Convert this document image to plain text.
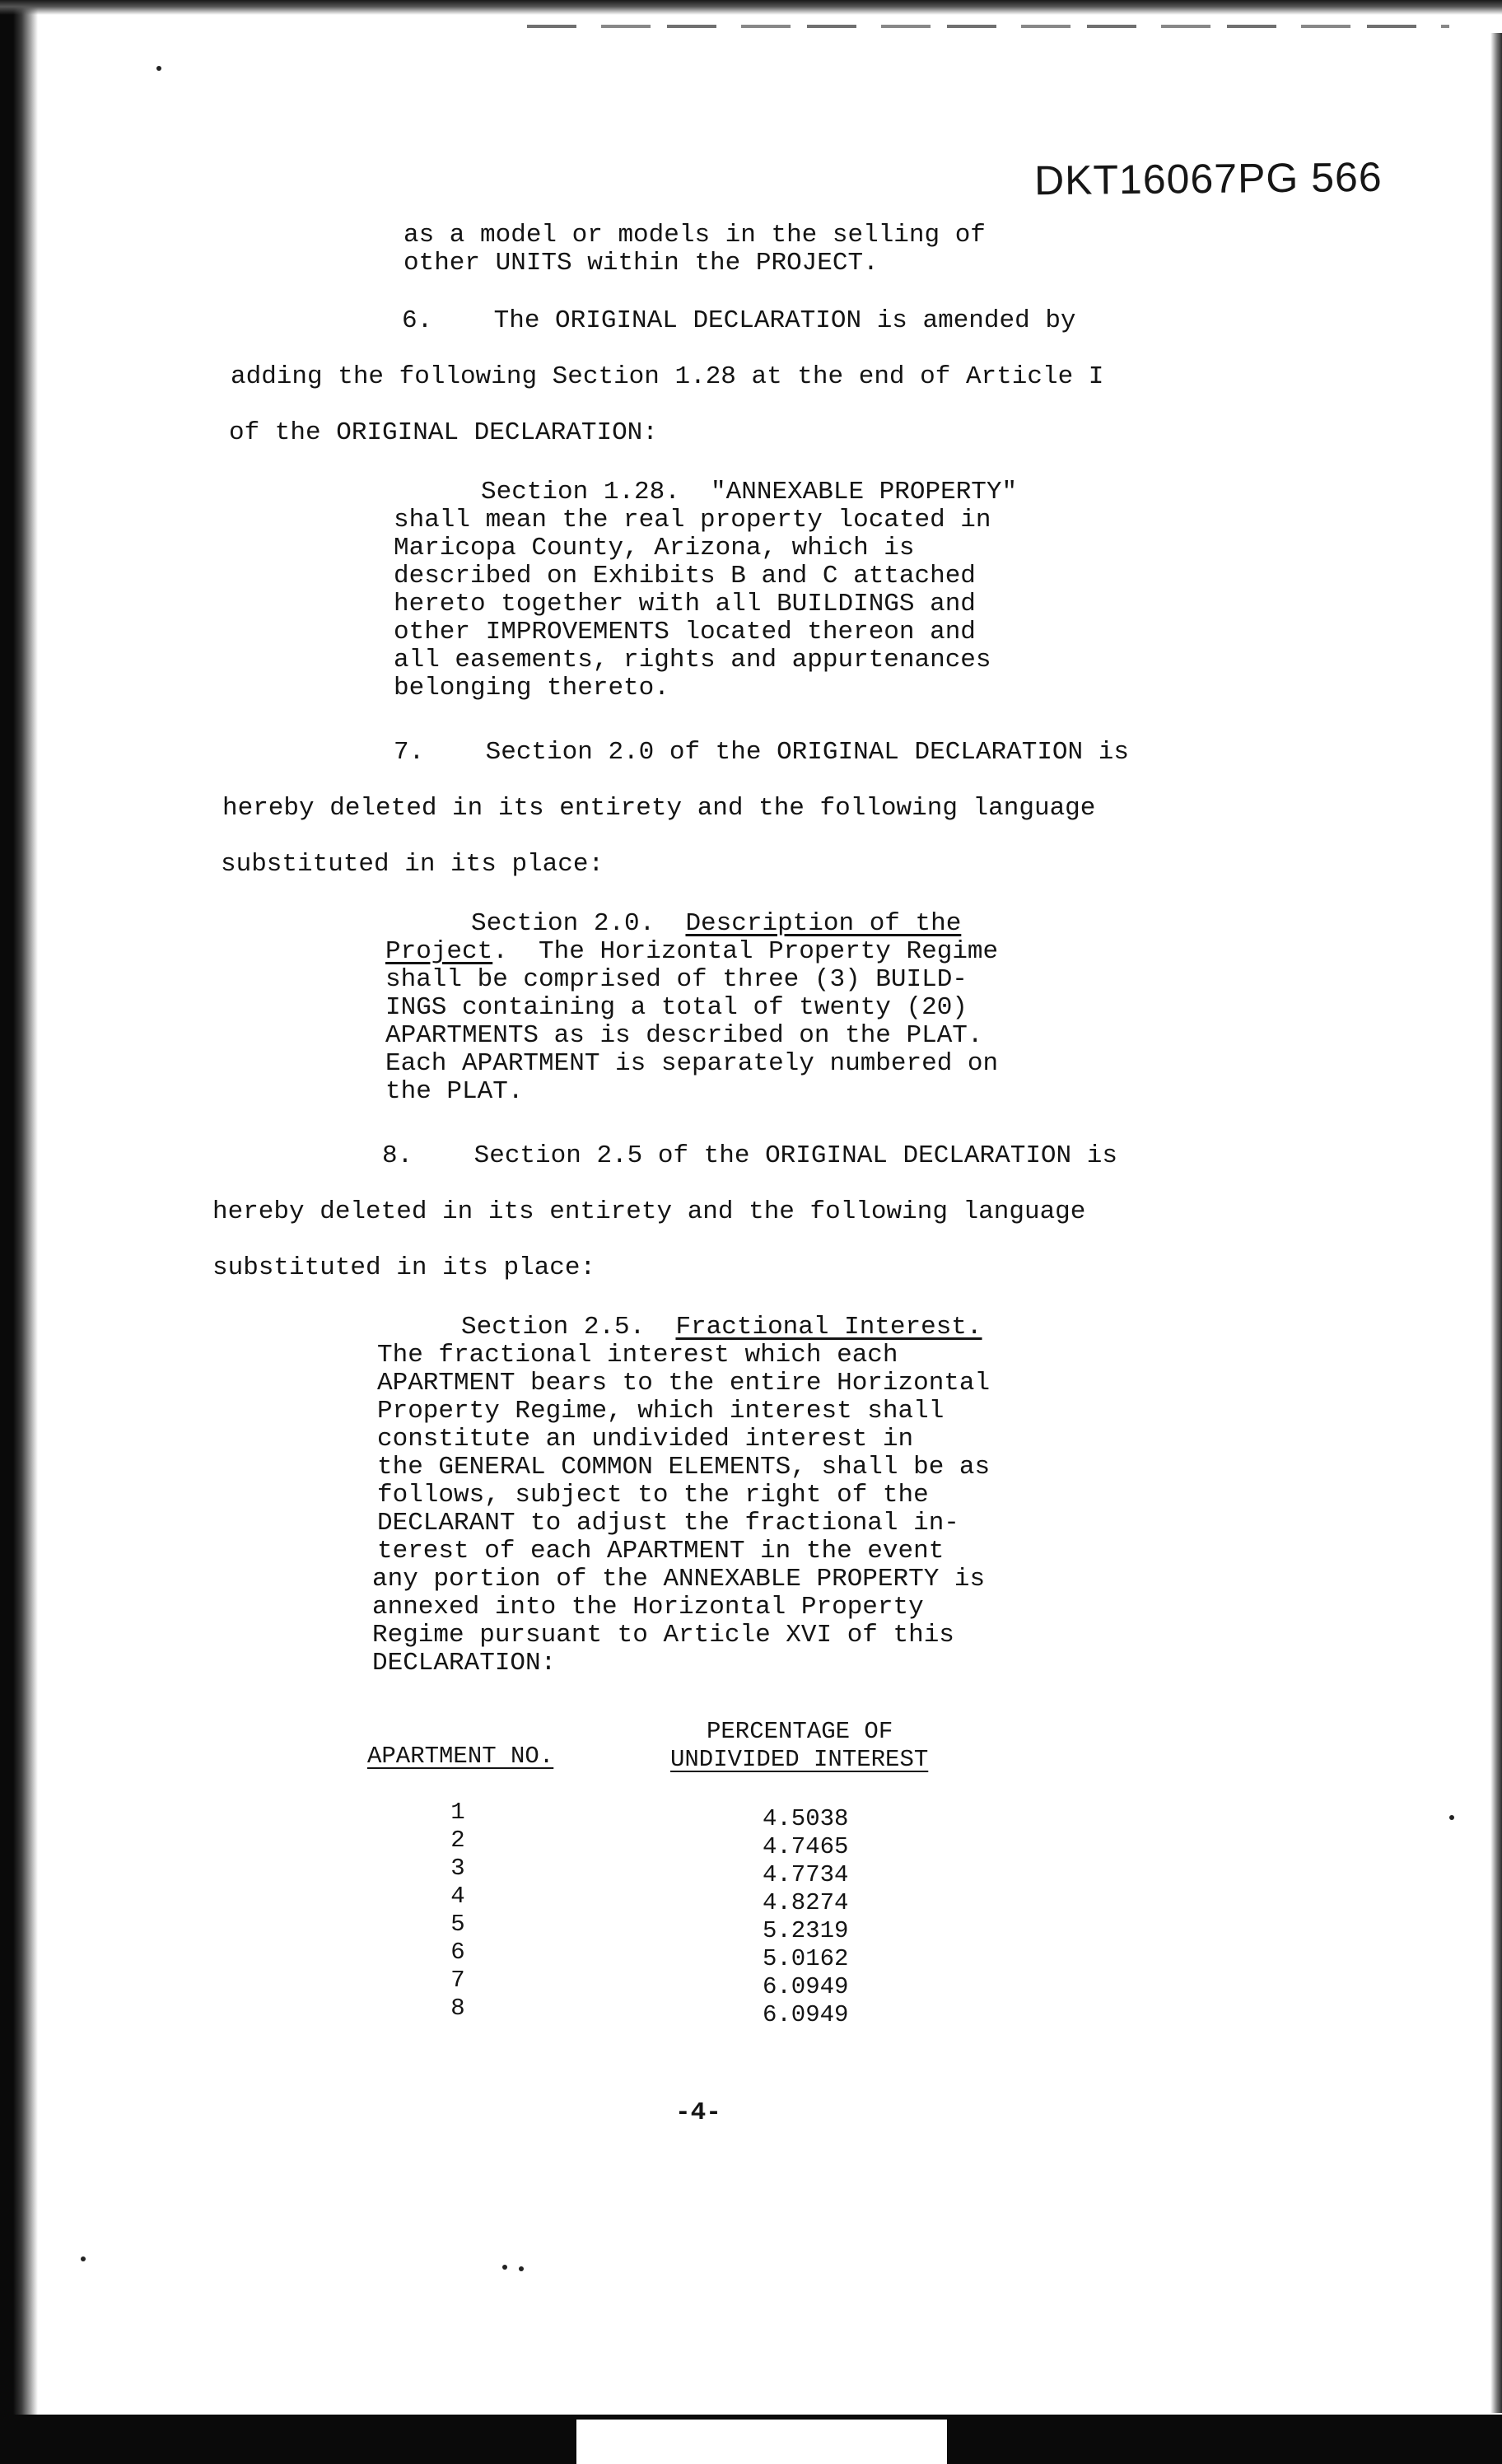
DKT16067PG 566

as a model or models in the selling of

other UNITS within the PROJECT.

6.    The ORIGINAL DECLARATION is amended by

adding the following Section 1.28 at the end of Article I

of the ORIGINAL DECLARATION:

Section 1.28.  "ANNEXABLE PROPERTY"

shall mean the real property located in

Maricopa County, Arizona, which is

described on Exhibits B and C attached

hereto together with all BUILDINGS and

other IMPROVEMENTS located thereon and

all easements, rights and appurtenances

belonging thereto.

7.    Section 2.0 of the ORIGINAL DECLARATION is

hereby deleted in its entirety and the following language

substituted in its place:

Section 2.0.  Description of the

Project.  The Horizontal Property Regime

shall be comprised of three (3) BUILD-

INGS containing a total of twenty (20)

APARTMENTS as is described on the PLAT.

Each APARTMENT is separately numbered on

the PLAT.

8.    Section 2.5 of the ORIGINAL DECLARATION is

hereby deleted in its entirety and the following language

substituted in its place:

Section 2.5.  Fractional Interest.

The fractional interest which each

APARTMENT bears to the entire Horizontal

Property Regime, which interest shall

constitute an undivided interest in

the GENERAL COMMON ELEMENTS, shall be as

follows, subject to the right of the

DECLARANT to adjust the fractional in-

terest of each APARTMENT in the event

any portion of the ANNEXABLE PROPERTY is

annexed into the Horizontal Property

Regime pursuant to Article XVI of this

DECLARATION:

PERCENTAGE OF
APARTMENT NO.	UNDIVIDED INTEREST
1	4.5038
2	4.7465
3	4.7734
4	4.8274
5	5.2319
6	5.0162
7	6.0949
8	6.0949
-4-
